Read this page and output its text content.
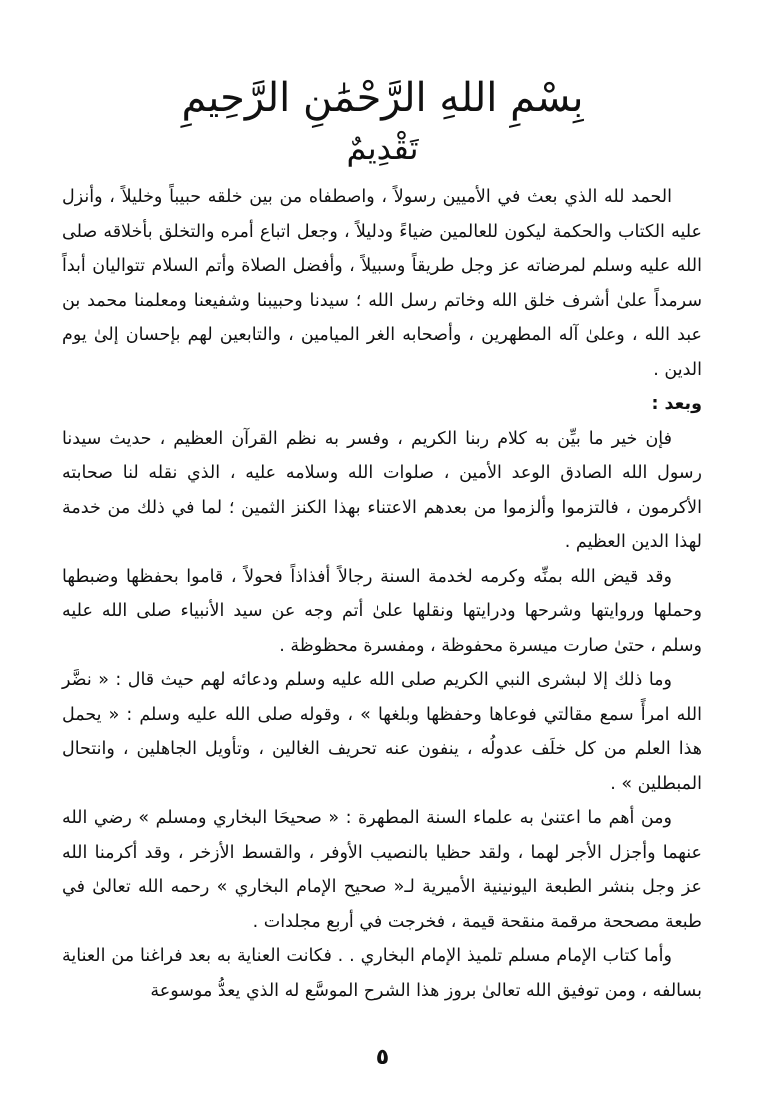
بِسْمِ اللهِ الرَّحْمَٰنِ الرَّحِيمِ
تَقْدِيمٌ

الحمد لله الذي بعث في الأميين رسولاً ، واصطفاه من بين خلقه حبيباً وخليلاً ، وأنزل عليه الكتاب والحكمة ليكون للعالمين ضياءً ودليلاً ، وجعل اتباع أمره والتخلق بأخلاقه صلى الله عليه وسلم لمرضاته عز وجل طريقاً وسبيلاً ، وأفضل الصلاة وأتم السلام تتواليان أبداً سرمداً علىٰ أشرف خلق الله وخاتم رسل الله ؛ سيدنا وحبيبنا وشفيعنا ومعلمنا محمد بن عبد الله ، وعلىٰ آله المطهرين ، وأصحابه الغر الميامين ، والتابعين لهم بإحسان إلىٰ يوم الدين .

وبعد :

فإن خير ما بيِّن به كلام ربنا الكريم ، وفسر به نظم القرآن العظيم ، حديث سيدنا رسول الله الصادق الوعد الأمين ، صلوات الله وسلامه عليه ، الذي نقله لنا صحابته الأكرمون ، فالتزموا وألزموا من بعدهم الاعتناء بهذا الكنز الثمين ؛ لما في ذلك من خدمة لهذا الدين العظيم .

وقد قيض الله بمنِّه وكرمه لخدمة السنة رجالاً أفذاذاً فحولاً ، قاموا بحفظها وضبطها وحملها وروايتها وشرحها ودرايتها ونقلها علىٰ أتم وجه عن سيد الأنبياء صلى الله عليه وسلم ، حتىٰ صارت ميسرة محفوظة ، ومفسرة محظوظة .

وما ذلك إلا لبشرى النبي الكريم صلى الله عليه وسلم ودعائه لهم حيث قال : « نضَّر الله امرأً سمع مقالتي فوعاها وحفظها وبلغها » ، وقوله صلى الله عليه وسلم : « يحمل هذا العلم من كل خلَف عدولُه ، ينفون عنه تحريف الغالين ، وتأويل الجاهلين ، وانتحال المبطلين » .

ومن أهم ما اعتنىٰ به علماء السنة المطهرة : « صحيحَا البخاري ومسلم » رضي الله عنهما وأجزل الأجر لهما ، ولقد حظيا بالنصيب الأوفر ، والقسط الأزخر ، وقد أكرمنا الله عز وجل بنشر الطبعة اليونينية الأميرية لـ« صحيح الإمام البخاري » رحمه الله تعالىٰ في طبعة مصححة مرقمة منقحة قيمة ، فخرجت في أربع مجلدات .

وأما كتاب الإمام مسلم تلميذ الإمام البخاري . . فكانت العناية به بعد فراغنا من العناية بسالفه ، ومن توفيق الله تعالىٰ بروز هذا الشرح الموسَّع له الذي يعدُّ موسوعة

٥
